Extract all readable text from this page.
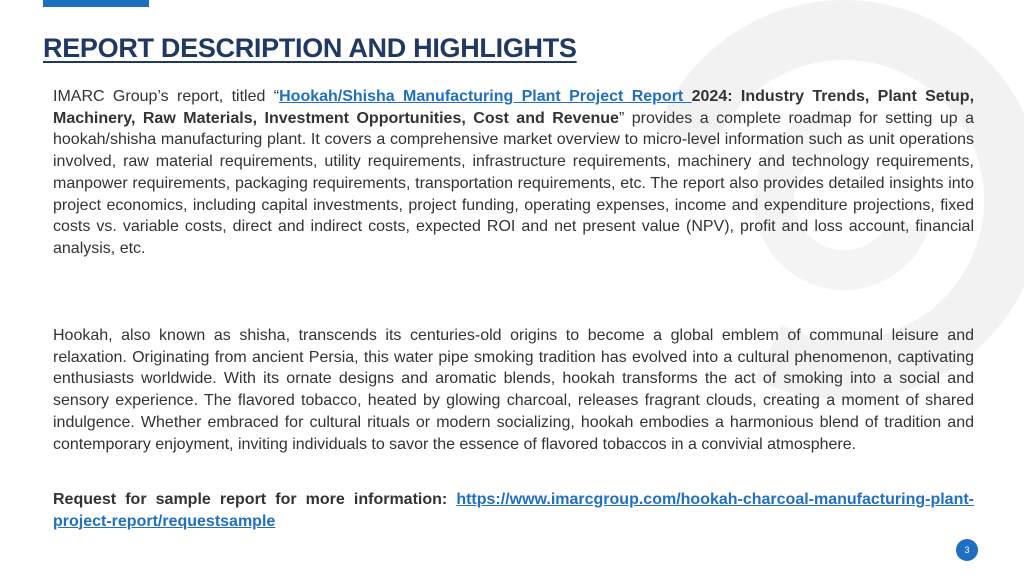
REPORT DESCRIPTION AND HIGHLIGHTS

IMARC Group’s report, titled “Hookah/Shisha Manufacturing Plant Project Report 2024: Industry Trends, Plant Setup, Machinery, Raw Materials, Investment Opportunities, Cost and Revenue” provides a complete roadmap for setting up a hookah/shisha manufacturing plant. It covers a comprehensive market overview to micro-level information such as unit operations involved, raw material requirements, utility requirements, infrastructure requirements, machinery and technology requirements, manpower requirements, packaging requirements, transportation requirements, etc. The report also provides detailed insights into project economics, including capital investments, project funding, operating expenses, income and expenditure projections, fixed costs vs. variable costs, direct and indirect costs, expected ROI and net present value (NPV), profit and loss account, financial analysis, etc.

Hookah, also known as shisha, transcends its centuries-old origins to become a global emblem of communal leisure and relaxation. Originating from ancient Persia, this water pipe smoking tradition has evolved into a cultural phenomenon, captivating enthusiasts worldwide. With its ornate designs and aromatic blends, hookah transforms the act of smoking into a social and sensory experience. The flavored tobacco, heated by glowing charcoal, releases fragrant clouds, creating a moment of shared indulgence. Whether embraced for cultural rituals or modern socializing, hookah embodies a harmonious blend of tradition and contemporary enjoyment, inviting individuals to savor the essence of flavored tobaccos in a convivial atmosphere.

Request for sample report for more information: https://www.imarcgroup.com/hookah-charcoal-manufacturing-plant-project-report/requestsample

3
